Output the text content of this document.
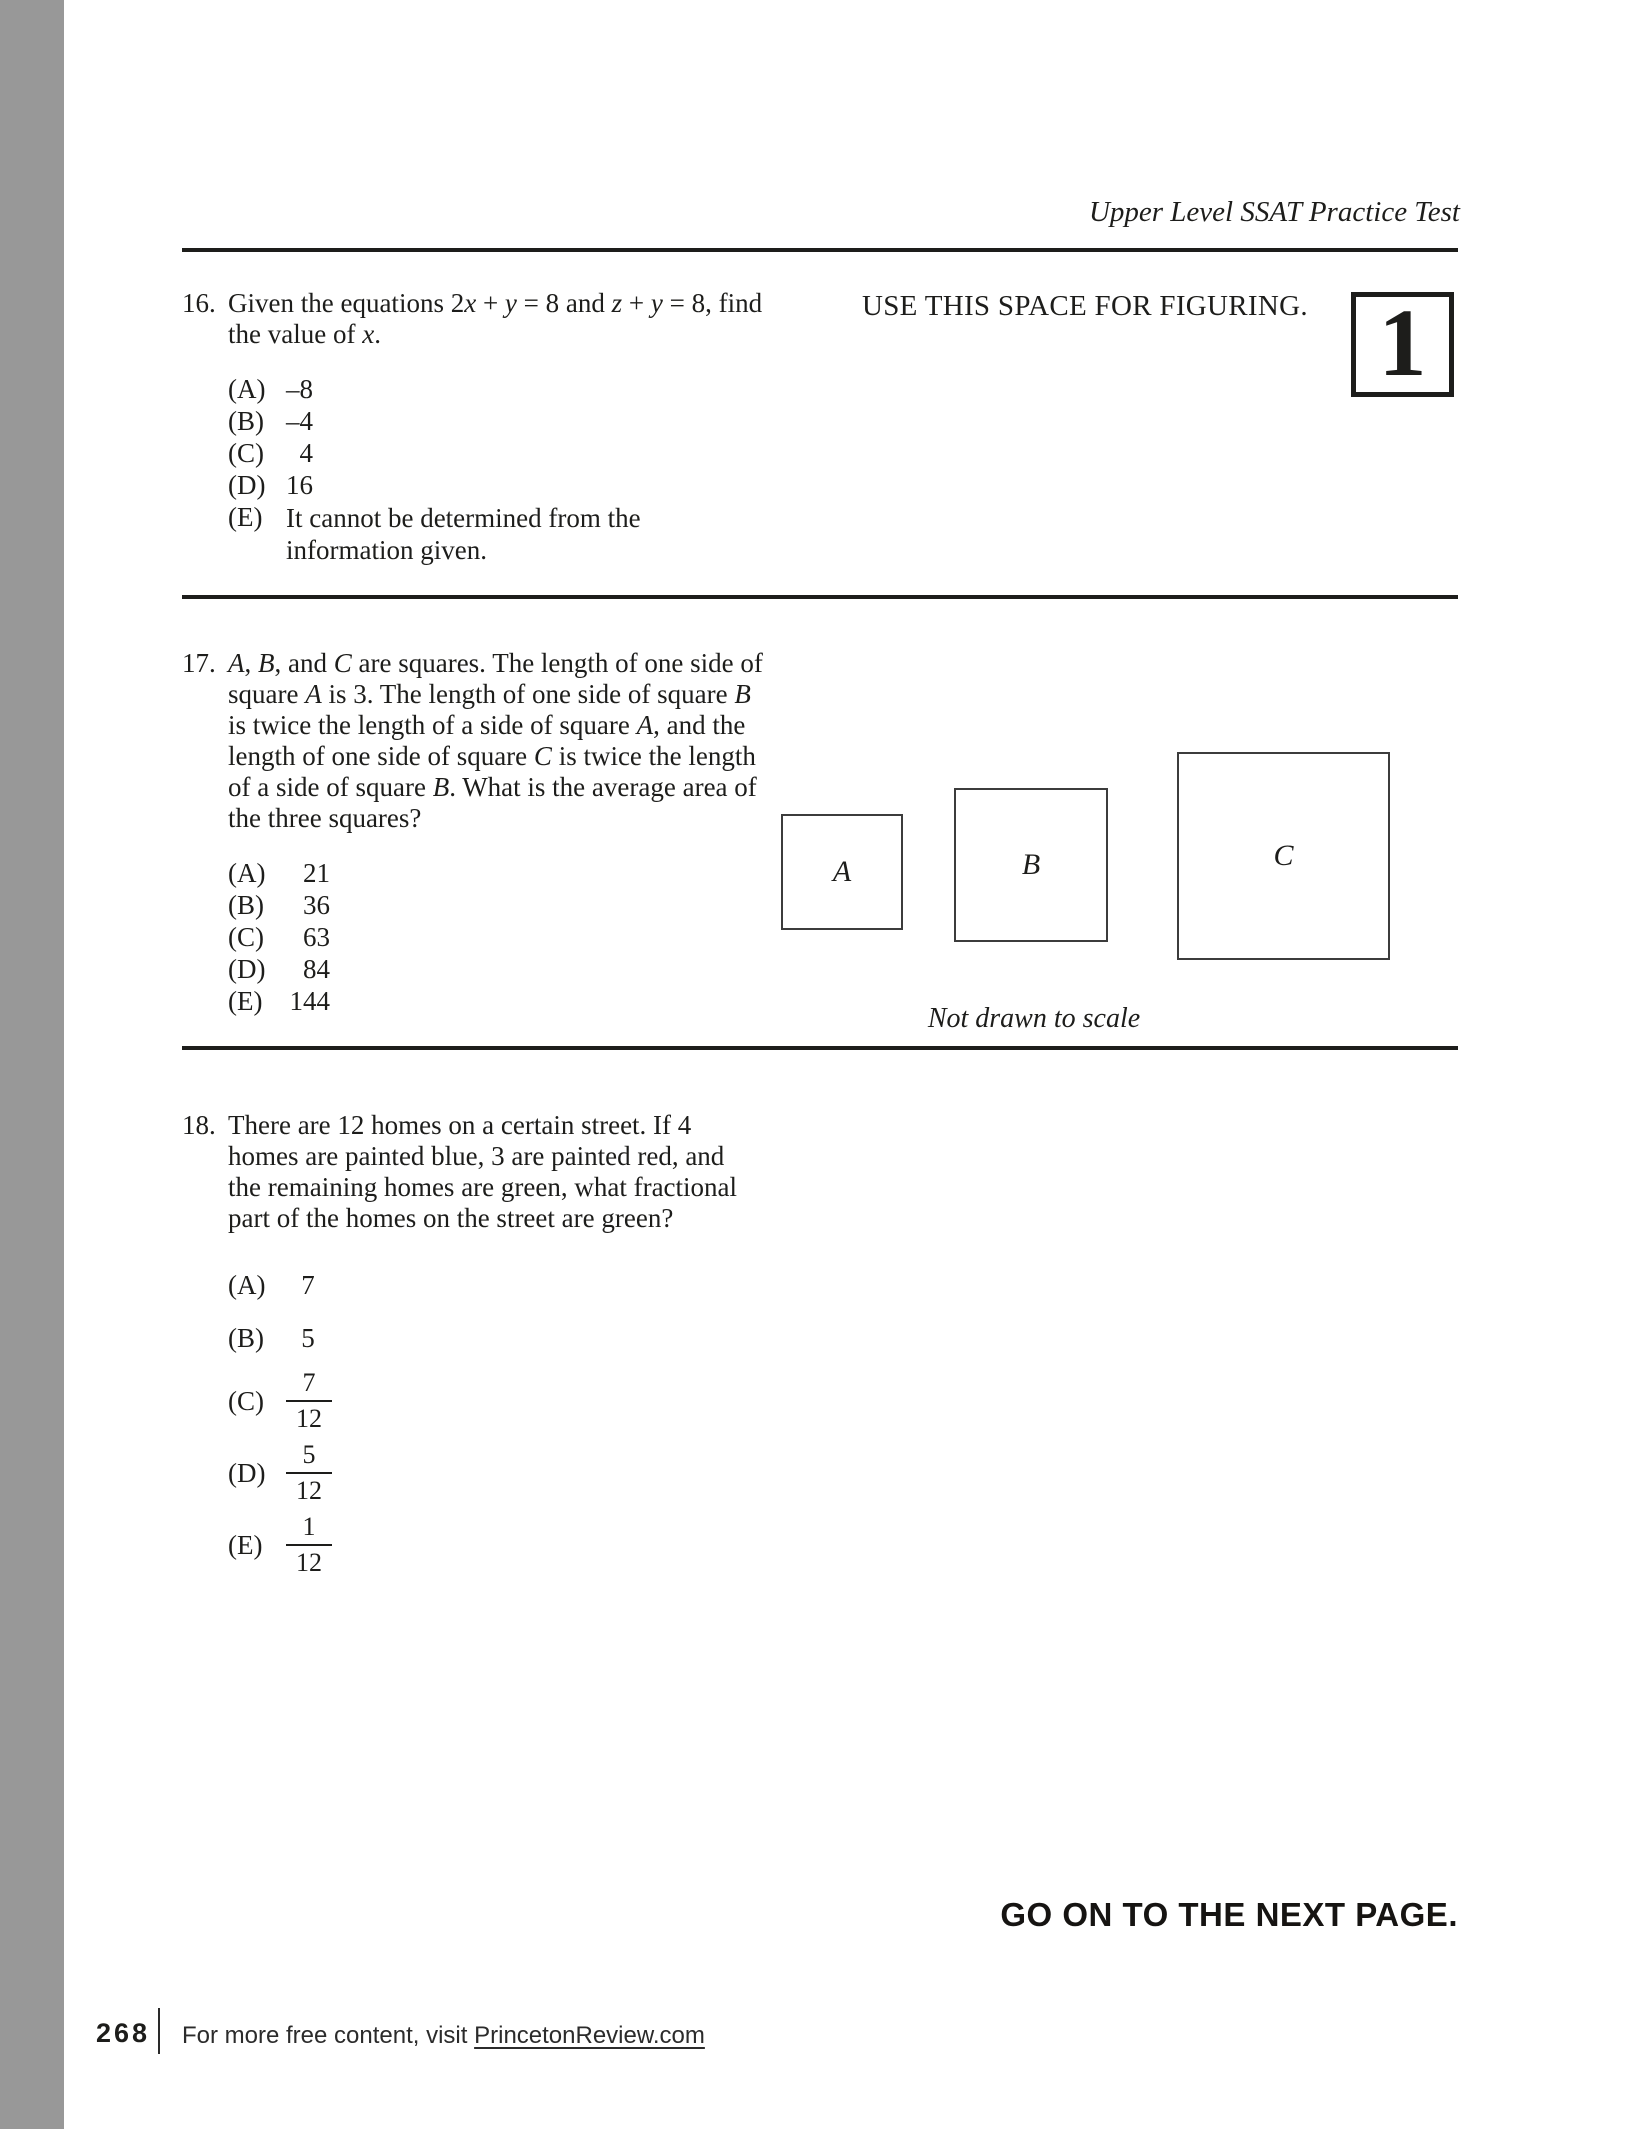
Upper Level SSAT Practice Test
16. Given the equations 2x + y = 8 and z + y = 8, find
the value of x.
USE THIS SPACE FOR FIGURING. 1
(A) –8
(B) –4
(C) 4
(D) 16
(E) It cannot be determined from the
information given.
17. A, B, and C are squares. The length of one side of
square A is 3. The length of one side of square B
is twice the length of a side of square A, and the
length of one side of square C is twice the length
of a side of square B. What is the average area of
the three squares?
(A) 21
(B) 36
(C) 63
(D) 84
(E) 144
A	B	C
Not drawn to scale
18. There are 12 homes on a certain street. If 4
homes are painted blue, 3 are painted red, and
the remaining homes are green, what fractional
part of the homes on the street are green?
(A) 7
(B) 5
$(C) \frac{7}{12}$
$(D) \frac{5}{12}$
$(E) \frac{1}{12}$
GO ON TO THE NEXT PAGE.
268 For more free content, visit PrincetonReview.com
